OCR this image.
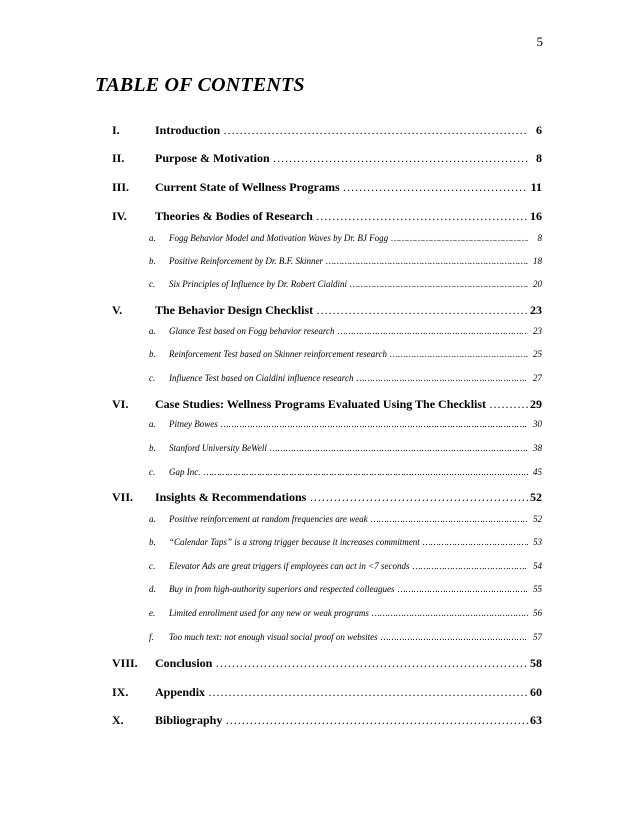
5
TABLE OF CONTENTS
I.	Introduction ………………………………………………………………………………………………………………………………	6
II.	Purpose & Motivation ………………………………………………………………………………………………………………………………	8
III.	Current State of Wellness Programs ………………………………………………………………………………………………………………………………	11
IV.	Theories & Bodies of Research ………………………………………………………………………………………………………………………………	16
a.	Fogg Behavior Model and Motivation Waves by Dr. BJ Fogg ………………………………………………………………………………………………………………………………	8
b.	Positive Reinforcement by Dr. B.F. Skinner ………………………………………………………………………………………………………………………………	18
c.	Six Principles of Influence by Dr. Robert Cialdini ………………………………………………………………………………………………………………………………	20
V.	The Behavior Design Checklist ………………………………………………………………………………………………………………………………	23
a.	Glance Test based on Fogg behavior research ………………………………………………………………………………………………………………………………	23
b.	Reinforcement Test based on Skinner reinforcement research ………………………………………………………………………………………………………………………………	25
c.	Influence Test based on Cialdini influence research ………………………………………………………………………………………………………………………………	27
VI.	Case Studies: Wellness Programs Evaluated Using The Checklist ………………………………………………………………………………………………………………………………	29
a.	Pitney Bowes ………………………………………………………………………………………………………………………………	30
b.	Stanford University BeWell ………………………………………………………………………………………………………………………………	38
c.	Gap Inc. ………………………………………………………………………………………………………………………………	45
VII.	Insights & Recommendations ………………………………………………………………………………………………………………………………	52
a.	Positive reinforcement at random frequencies are weak ………………………………………………………………………………………………………………………………	52
b.	“Calendar Taps” is a strong trigger because it increases commitment ………………………………………………………………………………………………………………………………	53
c.	Elevator Ads are great triggers if employees can act in <7 seconds ………………………………………………………………………………………………………………………………	54
d.	Buy in from high-authority superiors and respected colleagues ………………………………………………………………………………………………………………………………	55
e.	Limited enrollment used for any new or weak programs ………………………………………………………………………………………………………………………………	56
f.	Too much text: not enough visual social proof on websites ………………………………………………………………………………………………………………………………	57
VIII.	Conclusion ………………………………………………………………………………………………………………………………	58
IX.	Appendix ………………………………………………………………………………………………………………………………	60
X.	Bibliography ………………………………………………………………………………………………………………………………	63
